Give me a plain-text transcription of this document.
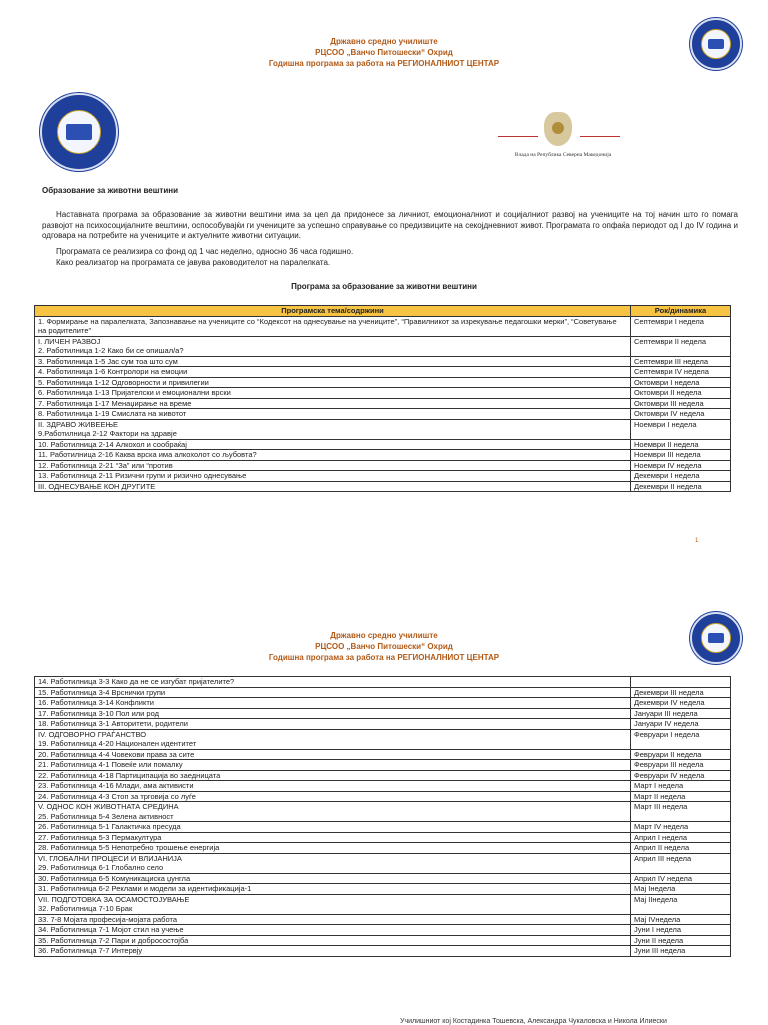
Државно средно училиште
РЦСОО „Ванчо Питошески“ Охрид
Годишна програма за работа на РЕГИОНАЛНИОТ ЦЕНТАР
Влада на Република Северна Македонија
Образование за животни вештини
Наставната програма за образование за животни вештини има за цел да придонесе за личниот, емоционалниот и социјалниот развој на учениците на тој начин што го помага развојот на психосоцијалните вештини, оспособувајќи ги учениците за успешно справување со предизвиците на секојдневниот живот. Програмата го опфаќа периодот од I до IV година и одговара на потребите на учениците и актуелните животни ситуации.
Програмата се реализира со фонд од 1 час неделно, односно 36 часа годишно.
Како реализатор на програмата се јавува раководителот на паралелката.
Програма за образование за животни вештини
Програмска тема/содржини	Рок/динамика
1. Формирање на паралелката, Запознавање на учениците со “Кодексот на однесување на учениците”, “Правилникот за изрекување педагошки мерки”, “Советување на родителите”	Септември I недела
I. ЛИЧЕН РАЗВОЈ
2. Работилница 1-2 Како би се опишал/а?	Септември II недела
3. Работилница 1-5 Јас сум тоа што сум	Септември III недела
4. Работилница 1-6 Контролори на емоции	Септември IV недела
5. Работилница 1-12 Одговорности и привилегии	Октомври I недела
6. Работилница 1-13 Пријателски и емоционални врски	Октомври II недела
7. Работилница 1-17 Менаџирање на време	Октомври III недела
8. Работилница 1-19 Смислата на животот	Октомври IV недела
II. ЗДРАВО ЖИВЕЕЊЕ
9.Работилница 2-12 Фактори на здравје	Ноември I недела
10. Работилница 2-14 Алкохол и сообраќај	Ноември II недела
11. Работилница 2-16 Каква врска има алкохолот со љубовта?	Ноември III недела
12. Работилница 2-21 “За” или “против	Ноември IV недела
13. Работилница 2-11 Ризични групи и ризично однесување	Декември I недела
III. ОДНЕСУВАЊЕ КОН ДРУГИТЕ	Декември II недела
1
Државно средно училиште
РЦСОО „Ванчо Питошески“ Охрид
Годишна програма за работа на РЕГИОНАЛНИОТ ЦЕНТАР
14. Работилница 3-3 Како да не се изгубат пријателите?	
15. Работилница 3-4 Врснички групи	Декември III недела
16. Работилница 3-14 Конфликти	Декември IV недела
17. Работилница 3-10 Пол или род	Јануари III недела
18. Работилница 3-1 Авторитети, родители	Јануари IV недела
IV. ОДГОВОРНО ГРАЃАНСТВО
19. Работилница 4-20 Национален идентитет	Февруари I недела
20. Работилница 4-4 Човекови права за сите	Февруари II недела
21. Работилница 4-1 Повеќе или помалку	Февруари III недела
22. Работилница 4-18 Партиципација во заедницата	Февруари IV недела
23. Работилница 4-16 Млади, ама активисти	Март I недела
24. Работилница 4-3 Стоп за трговија со луѓе	Март II недела
V. ОДНОС КОН ЖИВОТНАТА СРЕДИНА
25. Работилница 5-4 Зелена активност	Март III недела
26. Работилница 5-1 Галактичка пресуда	Март IV недела
27. Работилница 5-3 Пермакултура	Април I недела
28. Работилница 5-5 Непотребно трошење енергија	Април II недела
VI. ГЛОБАЛНИ ПРОЦЕСИ И ВЛИЈАНИЈА
29. Работилница 6-1 Глобално село	Април III недела
30. Работилница 6-5 Комуникациска џунгла	Април IV недела
31. Работилница 6-2 Реклами и модели за идентификација-1	Мај Iнедела
VII. ПОДГОТОВКА ЗА ОСАМОСТОЈУВАЊЕ
32. Работилница 7-10 Брак	Мај IIнедела
33. 7-8 Мојата професија-мојата работа	Мај IVнедела
34. Работилница 7-1 Мојот стил на учење	Јуни I недела
35. Работилница 7-2 Пари и добросостојба	Јуни II недела
36. Работилница 7-7 Интервју	Јуни III недела
Училишниот кој Костадинка Тошевска, Александра Чукаловска и Никола Илиески
